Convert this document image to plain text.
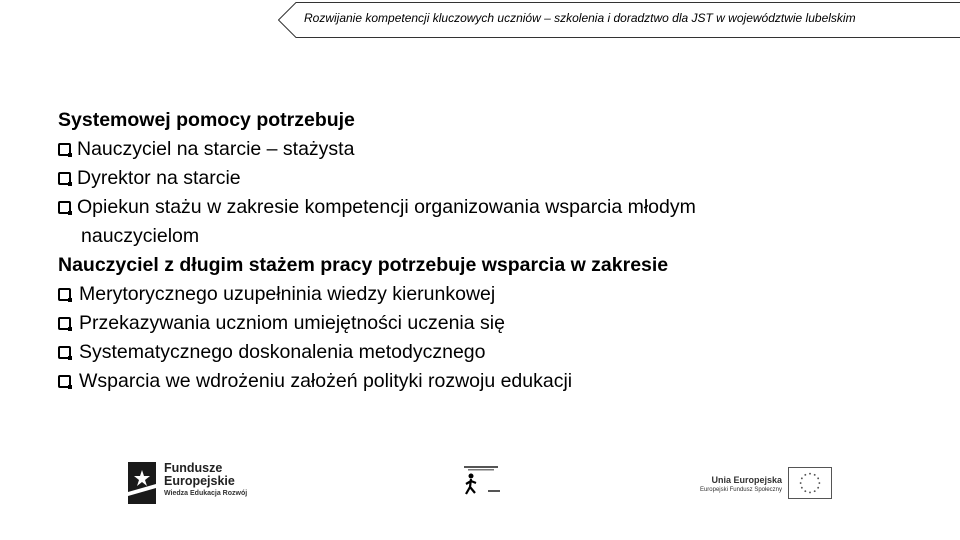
Rozwijanie kompetencji kluczowych uczniów – szkolenia i doradztwo dla JST w województwie lubelskim
Systemowej pomocy potrzebuje
Nauczyciel na starcie – stażysta
Dyrektor na starcie
Opiekun stażu w zakresie kompetencji organizowania wsparcia młodym
nauczycielom
Nauczyciel z długim stażem pracy potrzebuje wsparcia w zakresie
Merytorycznego uzupełninia wiedzy kierunkowej
Przekazywania uczniom umiejętności uczenia się
Systematycznego doskonalenia metodycznego
Wsparcia we wdrożeniu założeń polityki rozwoju edukacji
Fundusze
Europejskie
Wiedza Edukacja Rozwój
Unia Europejska
Europejski Fundusz Społeczny
